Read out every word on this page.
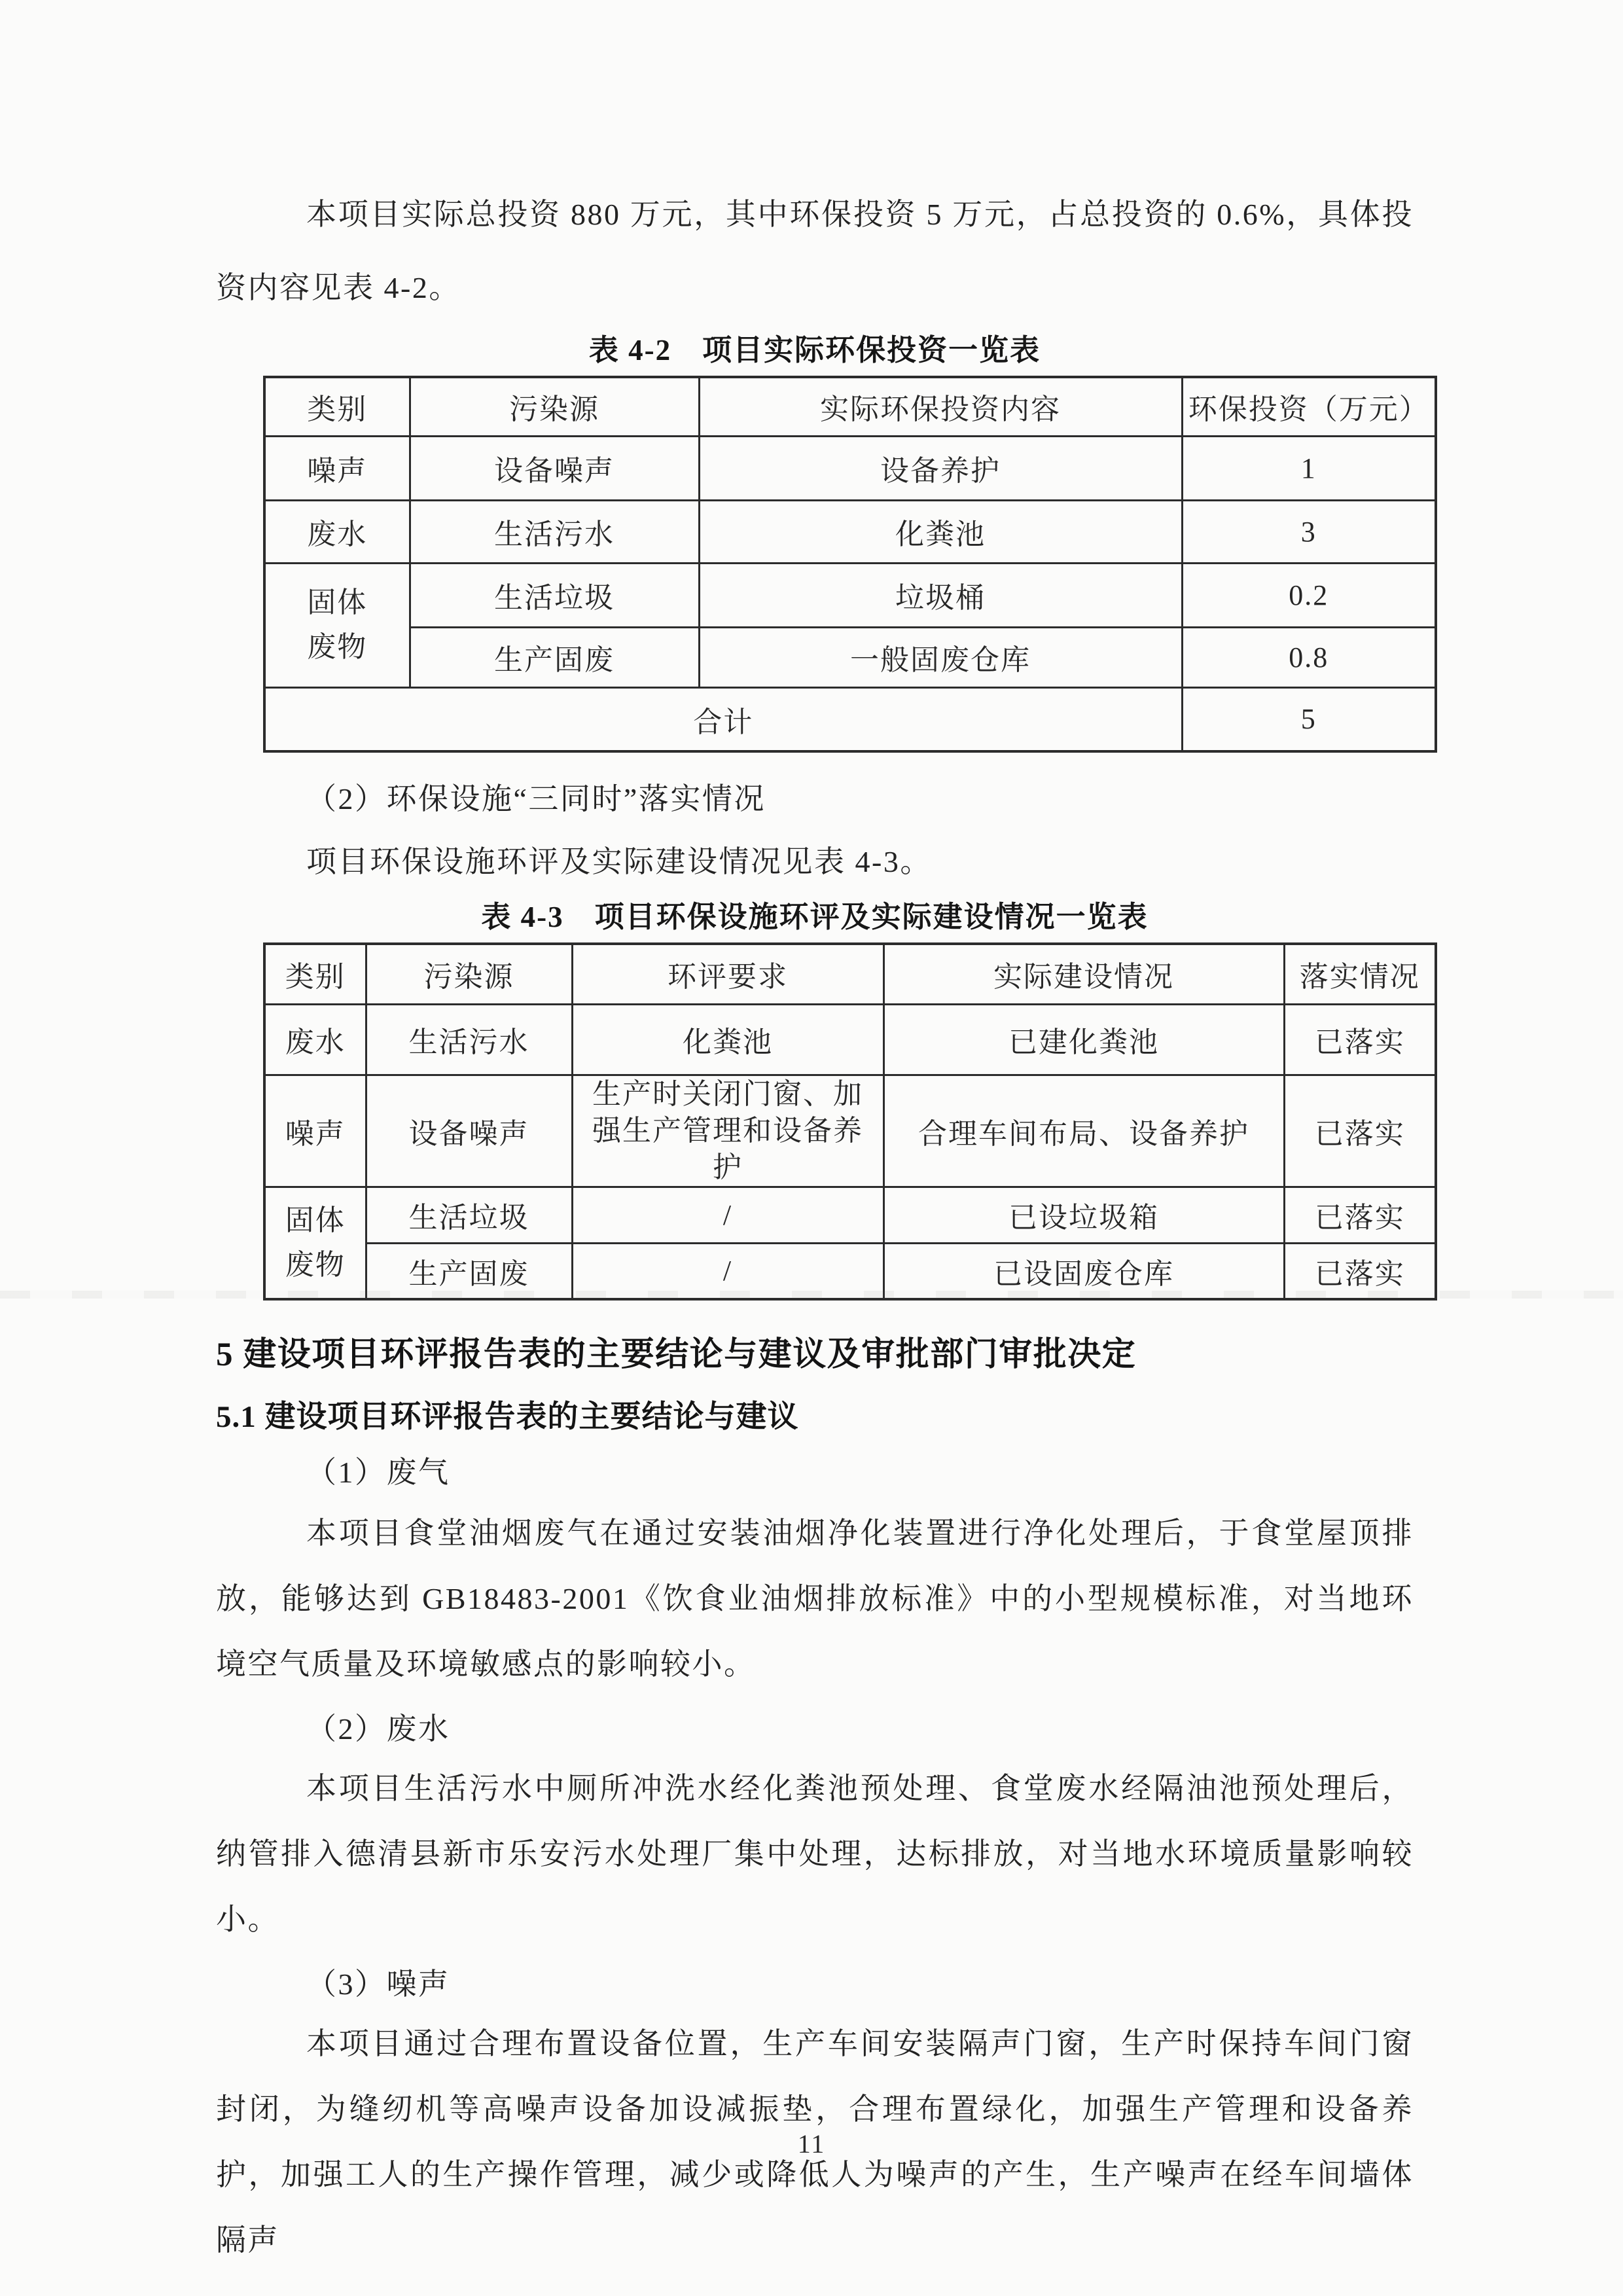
本项目实际总投资 880 万元，其中环保投资 5 万元，占总投资的 0.6%，具体投资内容见表 4-2。

表 4-2　项目实际环保投资一览表

类别	污染源	实际环保投资内容	环保投资（万元）
噪声	设备噪声	设备养护	1
废水	生活污水	化粪池	3

固体废物	生活垃圾	垃圾桶	0.2
	生产固废	一般固废仓库	0.8
合计			5

（2）环保设施“三同时”落实情况

项目环保设施环评及实际建设情况见表 4-3。

表 4-3　项目环保设施环评及实际建设情况一览表

类别	污染源	环评要求	实际建设情况	落实情况
废水	生活污水	化粪池	已建化粪池	已落实
噪声	设备噪声	生产时关闭门窗、加强生产管理和设备养护	合理车间布局、设备养护	已落实

固体废物	生活垃圾	/	已设垃圾箱	已落实
	生产固废	/	已设固废仓库	已落实

5 建设项目环评报告表的主要结论与建议及审批部门审批决定

5.1 建设项目环评报告表的主要结论与建议

（1）废气

本项目食堂油烟废气在通过安装油烟净化装置进行净化处理后，于食堂屋顶排放，能够达到 GB18483-2001《饮食业油烟排放标准》中的小型规模标准，对当地环境空气质量及环境敏感点的影响较小。

（2）废水

本项目生活污水中厕所冲洗水经化粪池预处理、食堂废水经隔油池预处理后，纳管排入德清县新市乐安污水处理厂集中处理，达标排放，对当地水环境质量影响较小。

（3）噪声

本项目通过合理布置设备位置，生产车间安装隔声门窗，生产时保持车间门窗封闭，为缝纫机等高噪声设备加设减振垫，合理布置绿化，加强生产管理和设备养护，加强工人的生产操作管理，减少或降低人为噪声的产生，生产噪声在经车间墙体隔声

11
